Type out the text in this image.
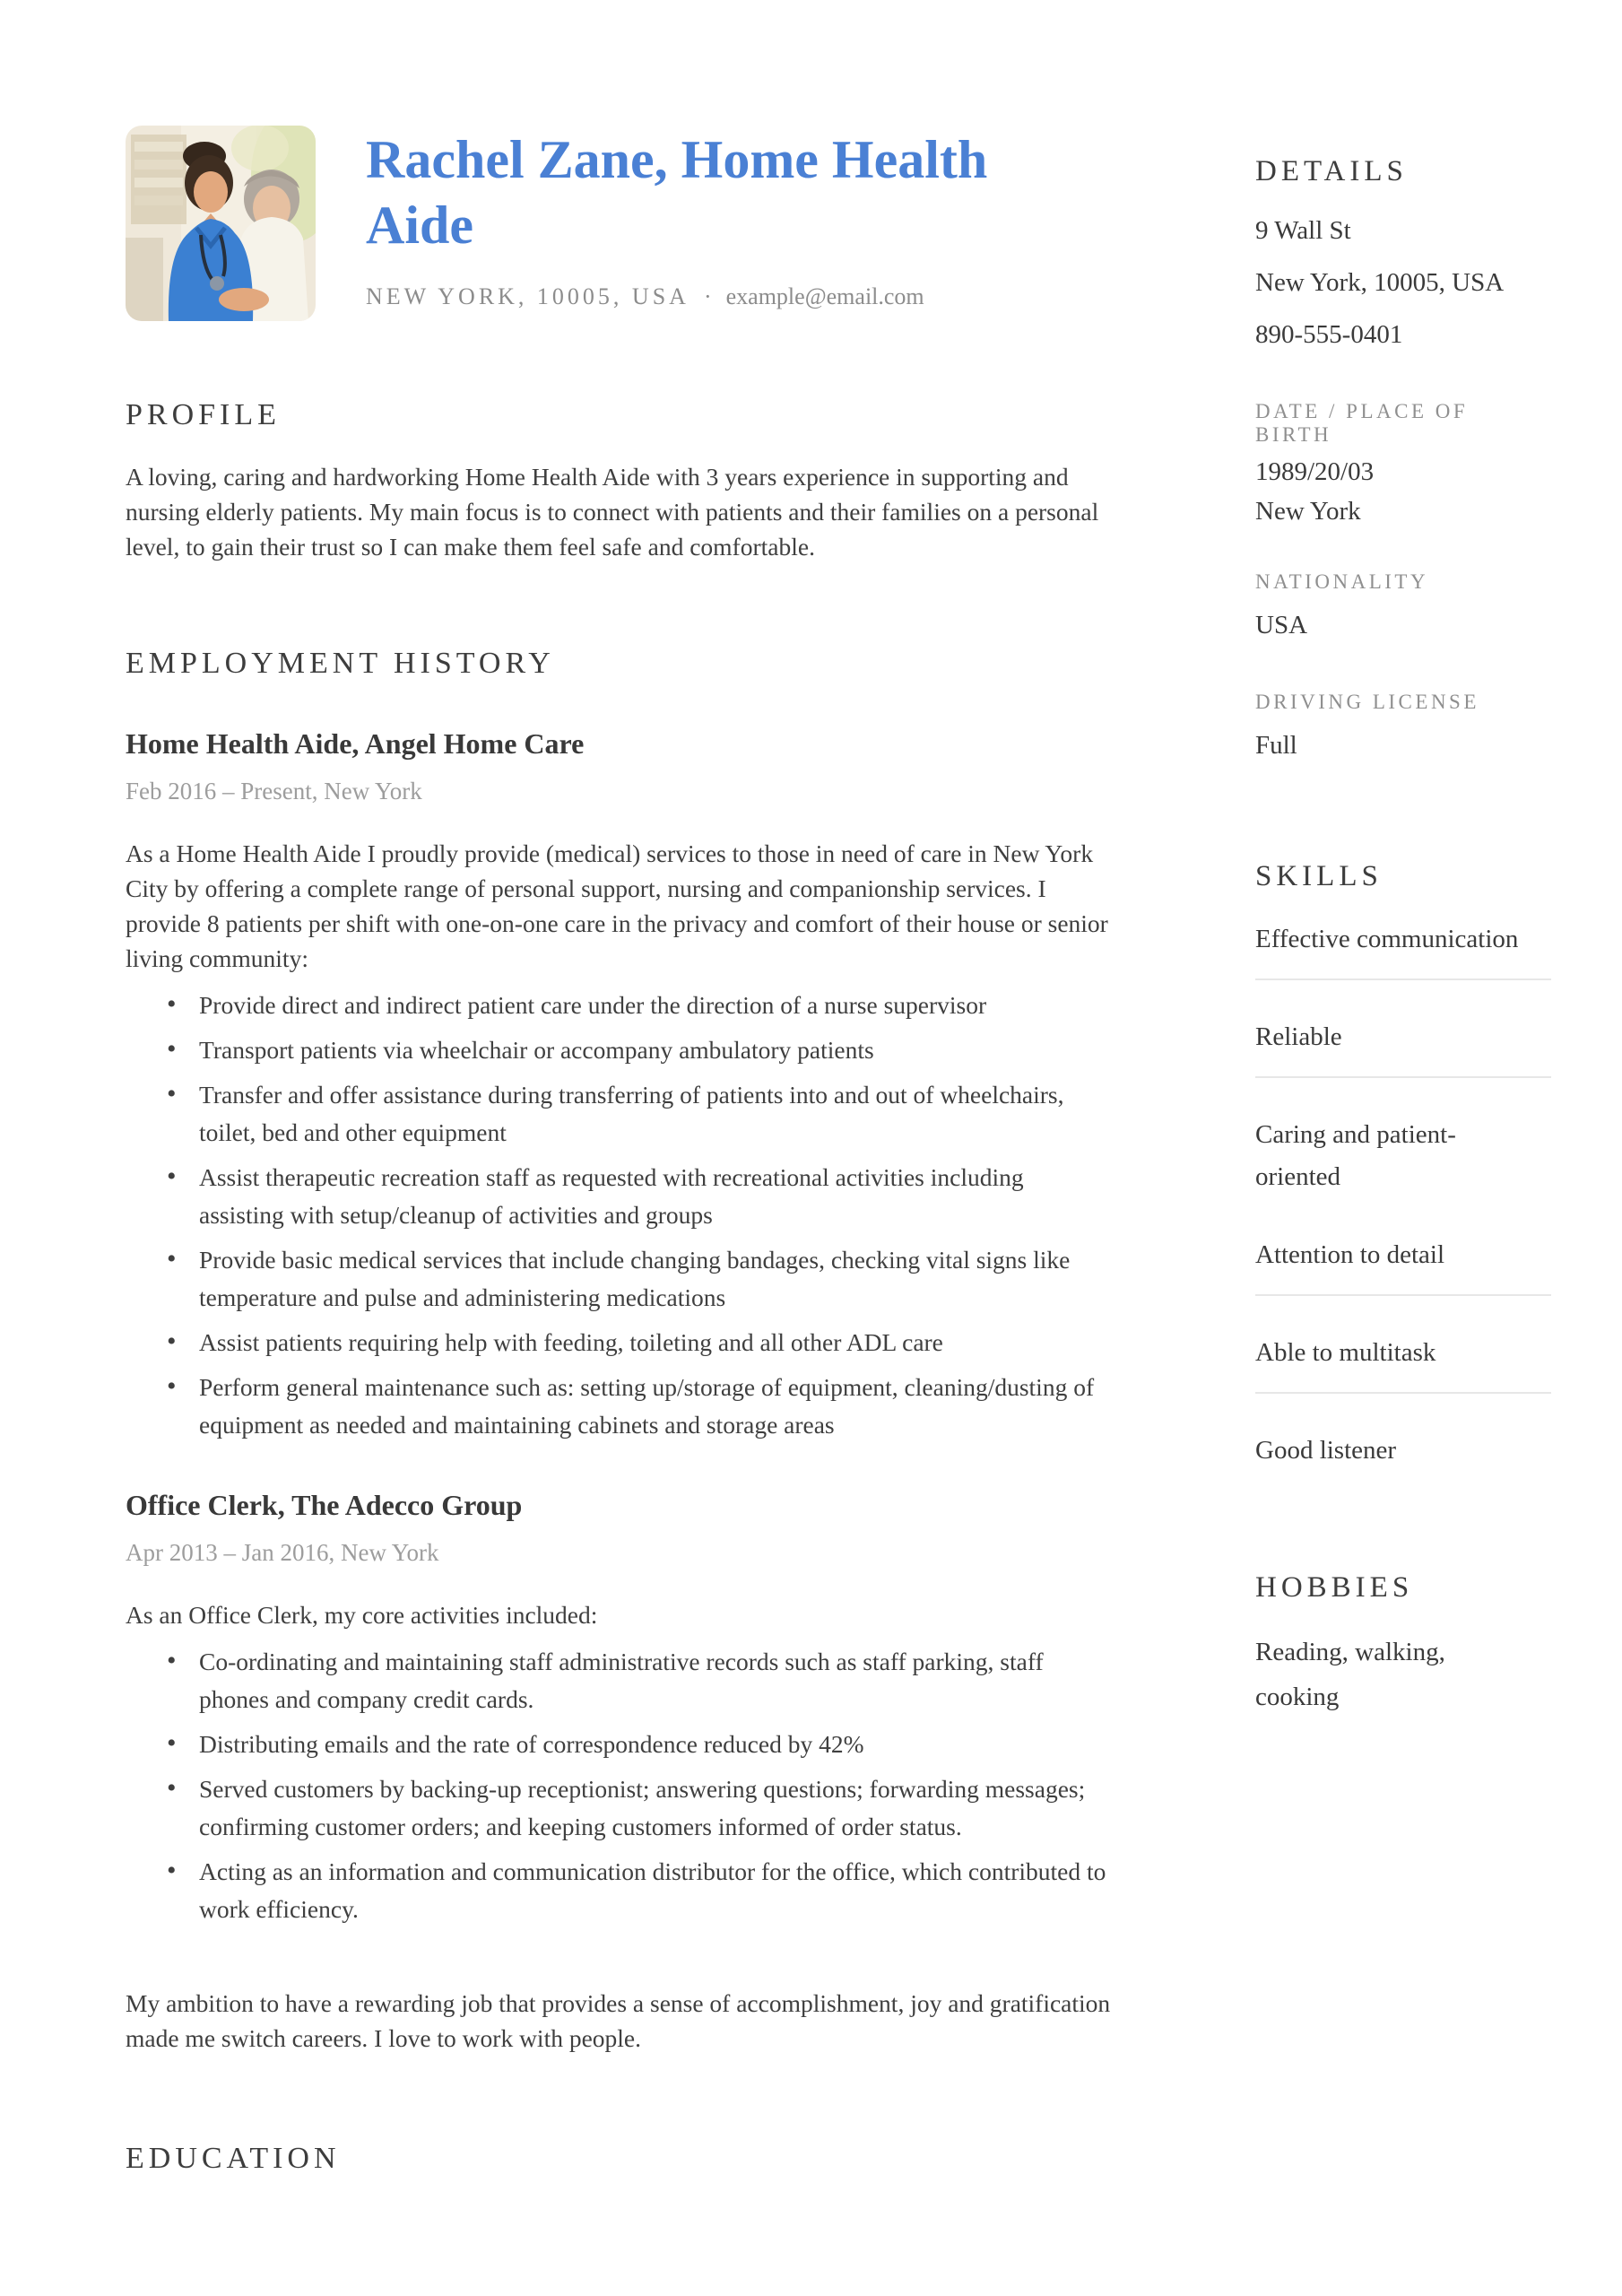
Rachel Zane, Home Health Aide
NEW YORK, 10005, USA · example@email.com
PROFILE

A loving, caring and hardworking Home Health Aide with 3 years experience in supporting and nursing elderly patients. My main focus is to connect with patients and their families on a personal level, to gain their trust so I can make them feel safe and comfortable.

EMPLOYMENT HISTORY
Home Health Aide, Angel Home Care
Feb 2016 – Present, New York

As a Home Health Aide I proudly provide (medical) services to those in need of care in New York City by offering a complete range of personal support, nursing and companionship services. I provide 8 patients per shift with one-on-one care in the privacy and comfort of their house or senior living community:

• Provide direct and indirect patient care under the direction of a nurse supervisor
• Transport patients via wheelchair or accompany ambulatory patients
• Transfer and offer assistance during transferring of patients into and out of wheelchairs, toilet, bed and other equipment
• Assist therapeutic recreation staff as requested with recreational activities including assisting with setup/cleanup of activities and groups
• Provide basic medical services that include changing bandages, checking vital signs like temperature and pulse and administering medications
• Assist patients requiring help with feeding, toileting and all other ADL care
• Perform general maintenance such as: setting up/storage of equipment, cleaning/dusting of equipment as needed and maintaining cabinets and storage areas
Office Clerk, The Adecco Group
Apr 2013 – Jan 2016, New York

As an Office Clerk, my core activities included:

• Co-ordinating and maintaining staff administrative records such as staff parking, staff phones and company credit cards.
• Distributing emails and the rate of correspondence reduced by 42%
• Served customers by backing-up receptionist; answering questions; forwarding messages; confirming customer orders; and keeping customers informed of order status.
• Acting as an information and communication distributor for the office, which contributed to work efficiency.

My ambition to have a rewarding job that provides a sense of accomplishment, joy and gratification made me switch careers. I love to work with people.

EDUCATION
DETAILS

9 Wall St

New York, 10005, USA

890-555-0401

DATE / PLACE OF BIRTH

1989/20/03

New York

NATIONALITY

USA

DRIVING LICENSE

Full

SKILLS
Effective communication
Reliable
Caring and patient-oriented
Attention to detail
Able to multitask
Good listener
HOBBIES

Reading, walking, cooking
